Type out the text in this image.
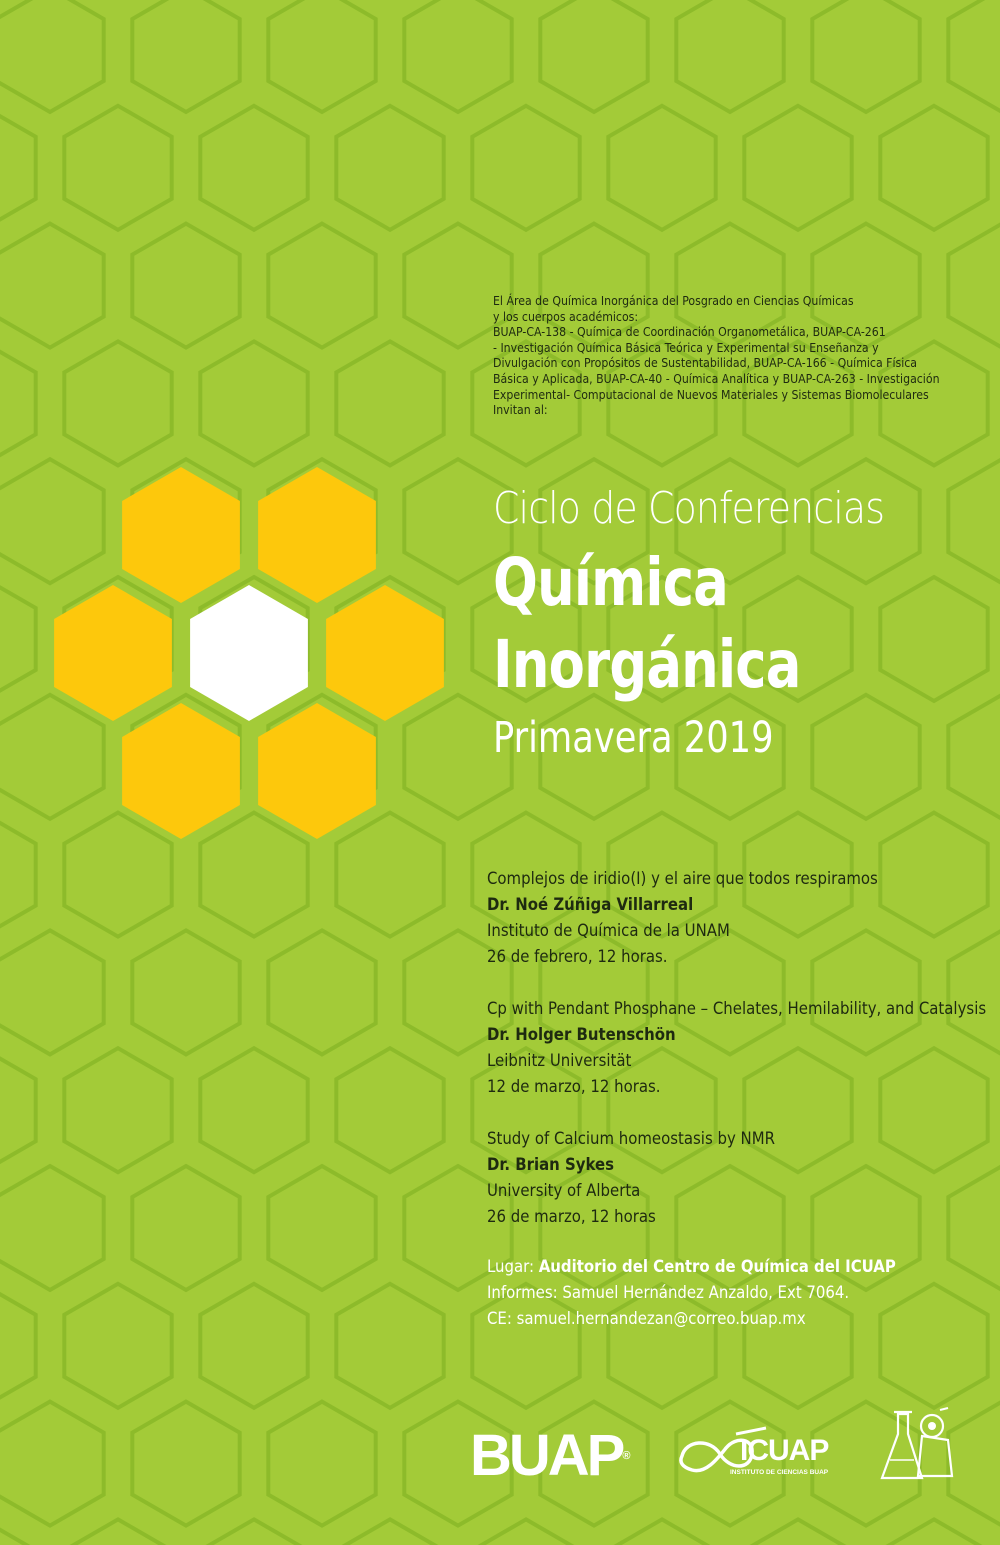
El Área de Química Inorgánica del Posgrado en Ciencias Químicas
y los cuerpos académicos:
BUAP-CA-138 - Química de Coordinación Organometálica, BUAP-CA-261
- Investigación Química Básica Teórica y Experimental su Enseñanza y
Divulgación con Propósitos de Sustentabilidad, BUAP-CA-166 - Química Física
Básica y Aplicada, BUAP-CA-40 - Química Analítica y BUAP-CA-263 - Investigación
Experimental- Computacional de Nuevos Materiales y Sistemas Biomoleculares
Invitan al:
Ciclo de Conferencias
Química
Inorgánica
Primavera 2019
Complejos de iridio(I) y el aire que todos respiramos
Dr. Noé Zúñiga Villarreal
Instituto de Química de la UNAM
26 de febrero, 12 horas.
Cp with Pendant Phosphane – Chelates, Hemilability, and Catalysis
Dr. Holger Butenschön
Leibnitz Universität
12 de marzo, 12 horas.
Study of Calcium homeostasis by NMR
Dr. Brian Sykes
University of Alberta
26 de marzo, 12 horas
Lugar: Auditorio del Centro de Química del ICUAP
Informes: Samuel Hernández Anzaldo, Ext 7064.
CE: samuel.hernandezan@correo.buap.mx
BUAP®	ICUAP
INSTITUTO DE CIENCIAS BUAP
